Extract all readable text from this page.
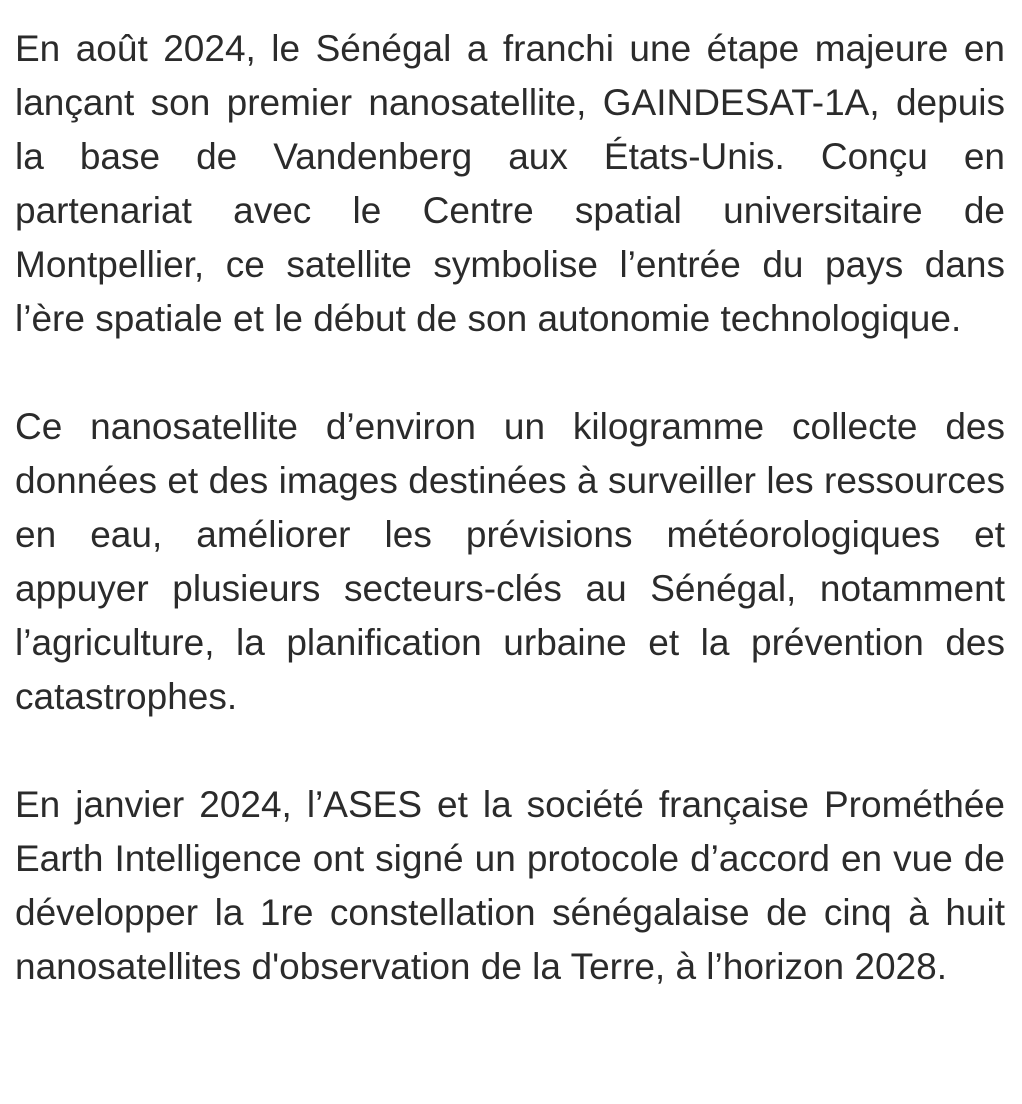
En août 2024, le Sénégal a franchi une étape majeure en lançant son premier nanosatellite, GAINDESAT-1A, depuis la base de Vandenberg aux États-Unis. Conçu en partenariat avec le Centre spatial universitaire de Montpellier, ce satellite symbolise l’entrée du pays dans l’ère spatiale et le début de son autonomie technologique.

Ce nanosatellite d’environ un kilogramme collecte des données et des images destinées à surveiller les ressources en eau, améliorer les prévisions météorologiques et appuyer plusieurs secteurs-clés au Sénégal, notamment l’agriculture, la planification urbaine et la prévention des catastrophes.

En janvier 2024, l’ASES et la société française Prométhée Earth Intelligence ont signé un protocole d’accord en vue de développer la 1re constellation sénégalaise de cinq à huit nanosatellites d'observation de la Terre, à l’horizon 2028.
